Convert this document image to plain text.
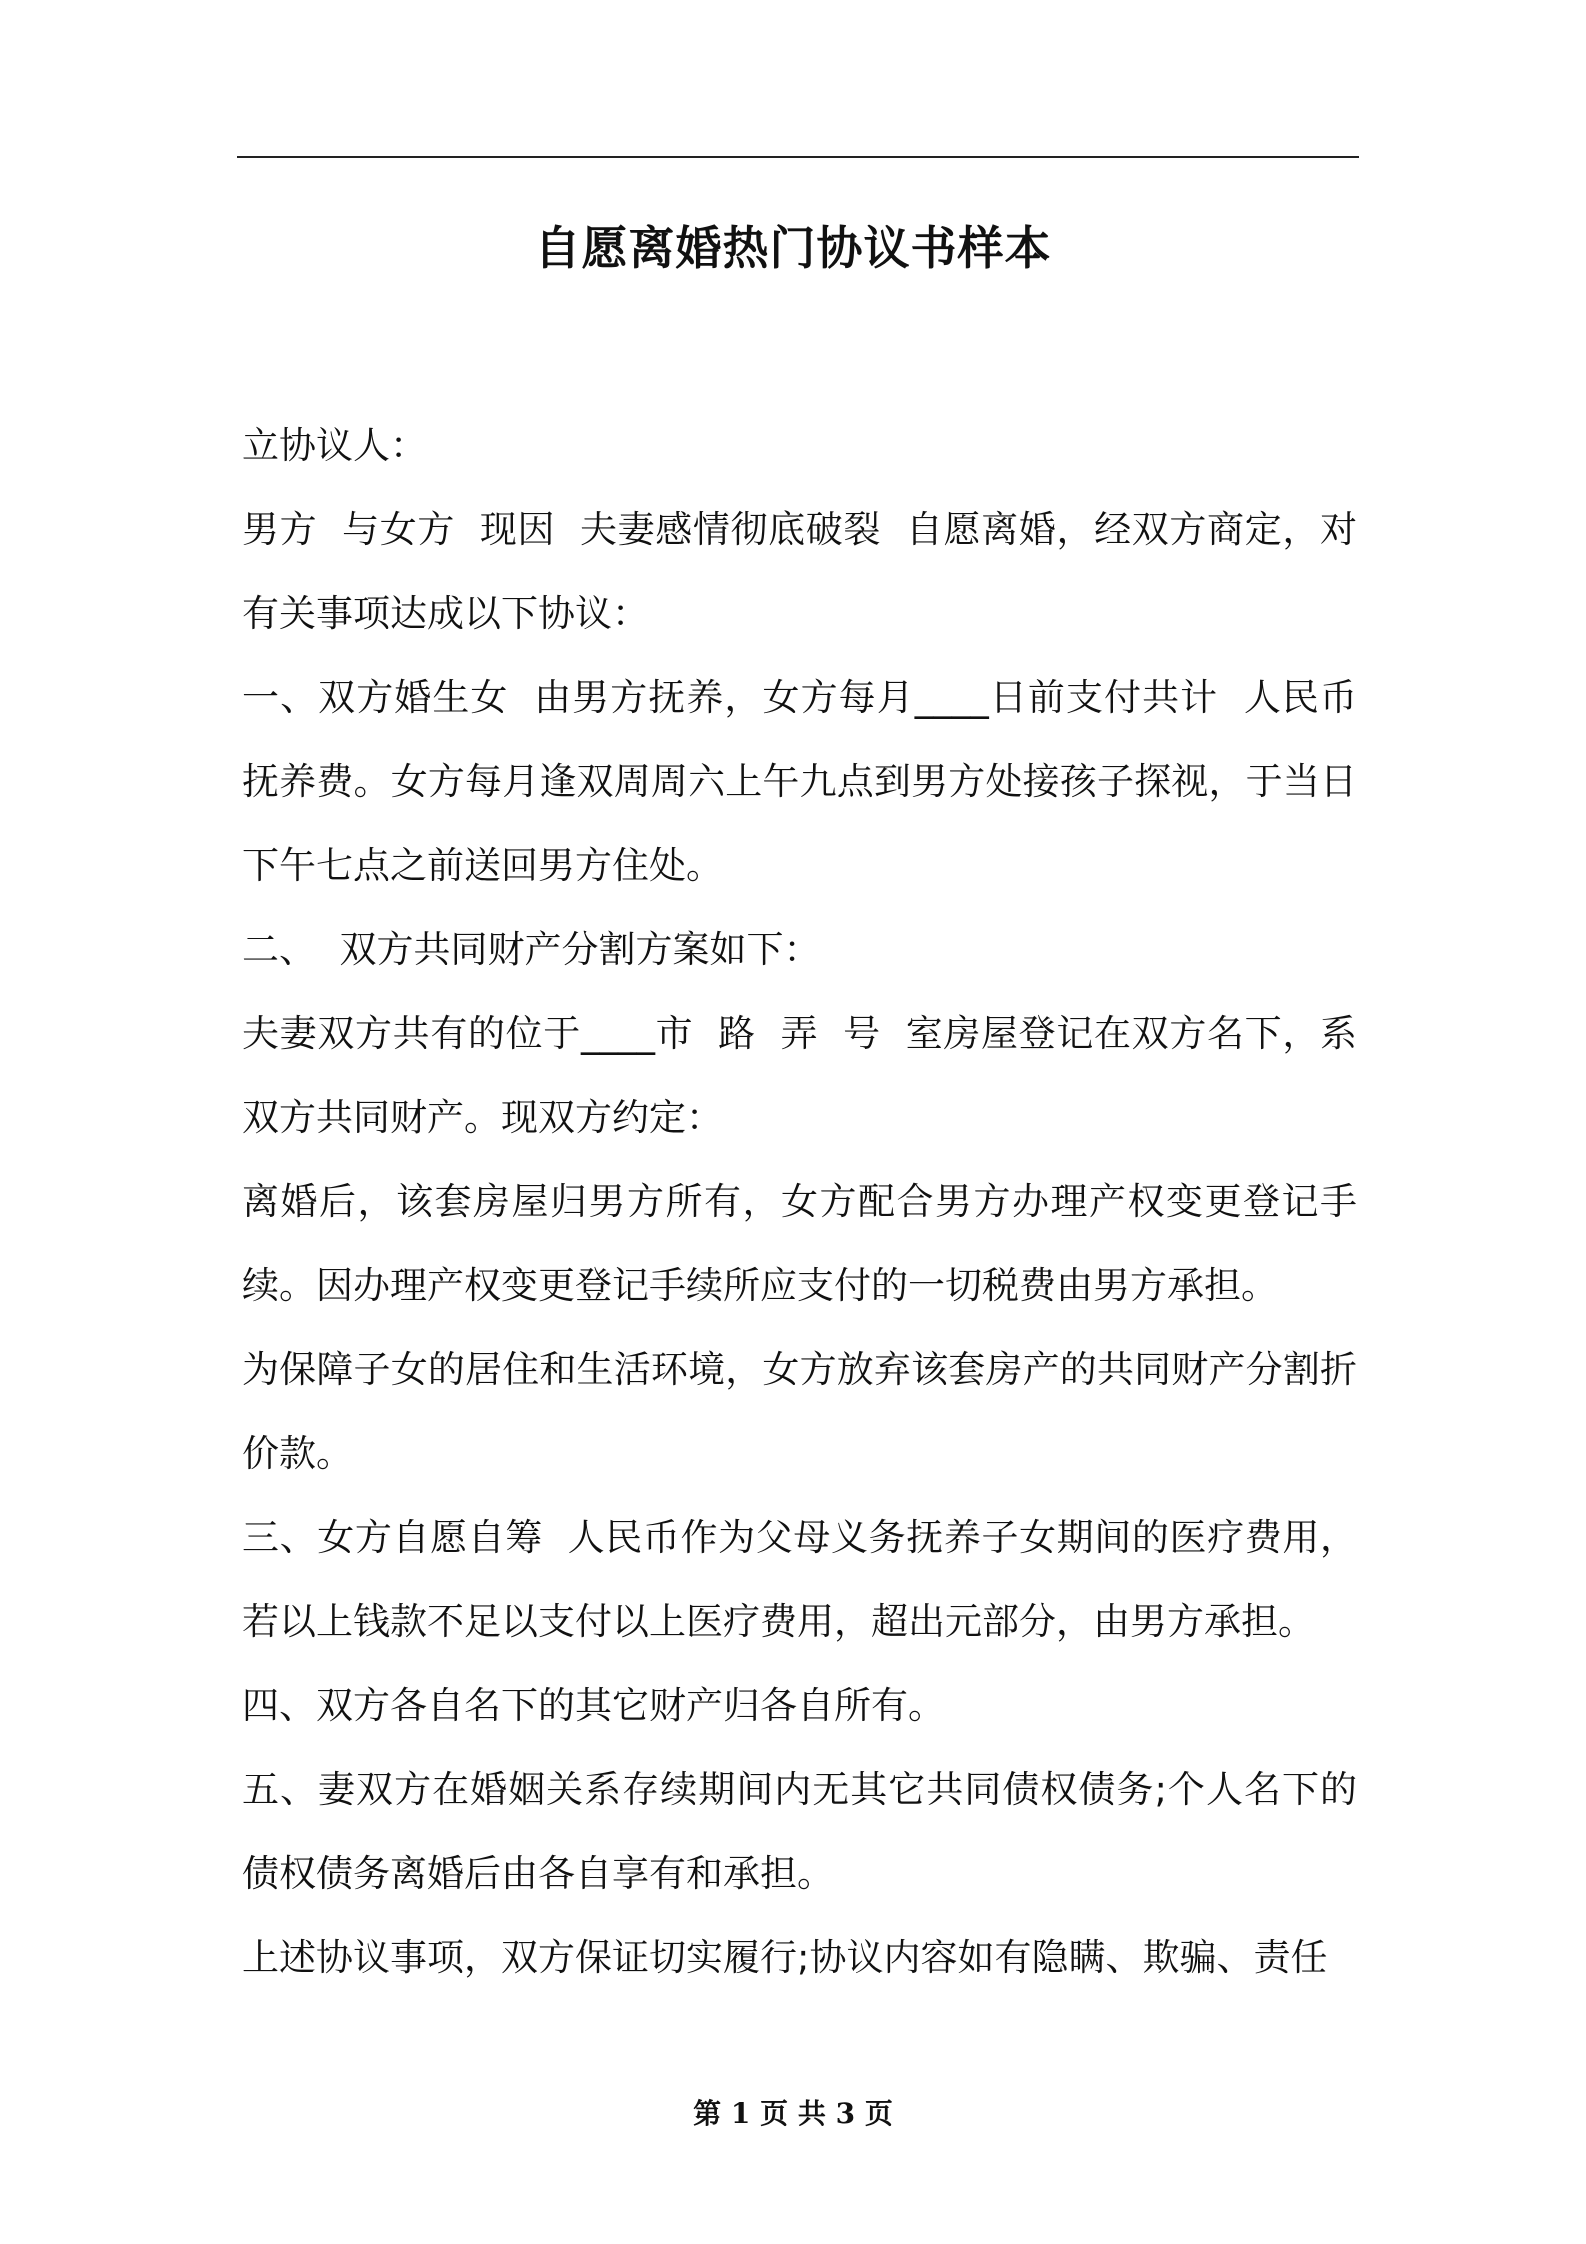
自愿离婚热门协议书样本

立协议人：

男方  与女方  现因  夫妻感情彻底破裂  自愿离婚，经双方商定，对有关事项达成以下协议：

一、双方婚生女  由男方抚养，女方每月____日前支付共计  人民币抚养费。女方每月逢双周周六上午九点到男方处接孩子探视，于当日下午七点之前送回男方住处。

二、  双方共同财产分割方案如下：

夫妻双方共有的位于____市  路  弄  号  室房屋登记在双方名下，系双方共同财产。现双方约定：

离婚后，该套房屋归男方所有，女方配合男方办理产权变更登记手续。因办理产权变更登记手续所应支付的一切税费由男方承担。

为保障子女的居住和生活环境，女方放弃该套房产的共同财产分割折价款。

三、女方自愿自筹  人民币作为父母义务抚养子女期间的医疗费用，若以上钱款不足以支付以上医疗费用，超出元部分，由男方承担。

四、双方各自名下的其它财产归各自所有。

五、妻双方在婚姻关系存续期间内无其它共同债权债务;个人名下的债权债务离婚后由各自享有和承担。

上述协议事项，双方保证切实履行;协议内容如有隐瞒、欺骗、责任

第 1 页 共 3 页
